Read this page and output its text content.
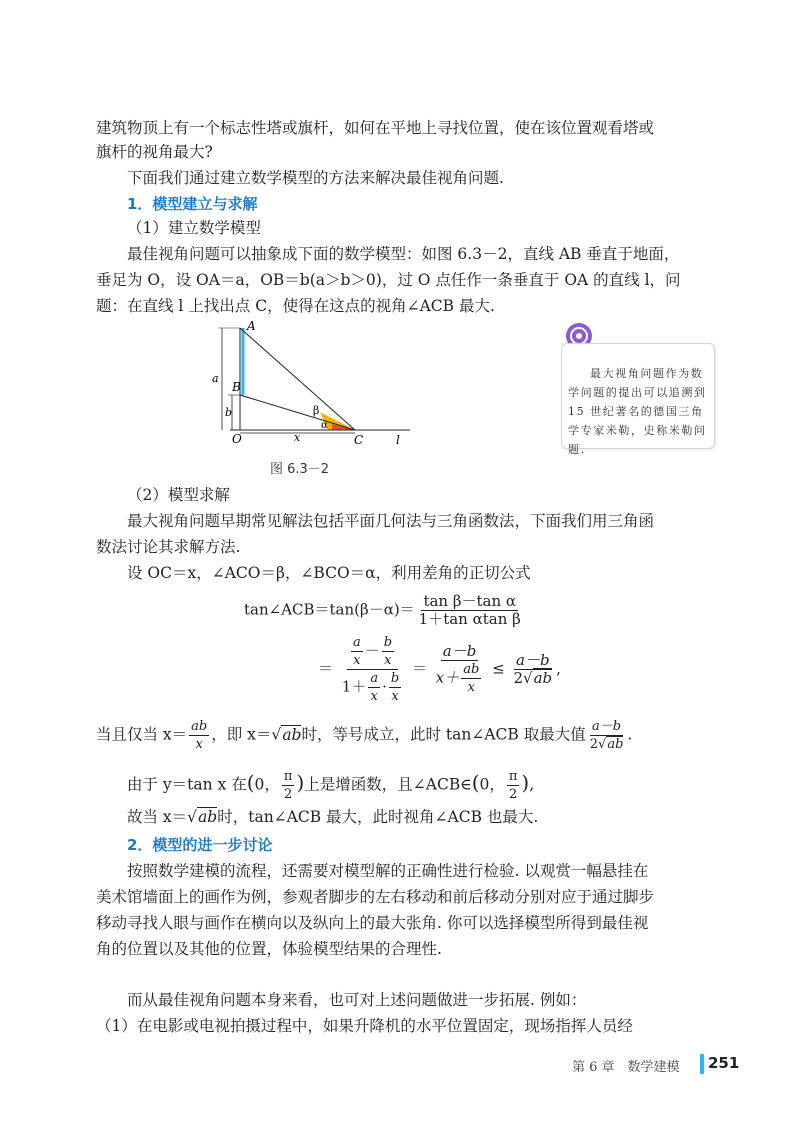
建筑物顶上有一个标志性塔或旗杆，如何在平地上寻找位置，使在该位置观看塔或

旗杆的视角最大?

下面我们通过建立数学模型的方法来解决最佳视角问题.

1．模型建立与求解

（1）建立数学模型

最佳视角问题可以抽象成下面的数学模型：如图 6.3－2，直线 AB 垂直于地面，

垂足为 O，设 OA＝a，OB＝b(a＞b＞0)，过 O 点任作一条垂直于 OA 的直线 l，问

题：在直线 l 上找出点 C，使得在这点的视角∠ACB 最大.

A
B
O	C	l
a
b
x
β
α
图 6.3－2
最大视角问题作为数学问题的提出可以追溯到 15 世纪著名的德国三角学专家米勒，史称米勒问题.

（2）模型求解

最大视角问题早期常见解法包括平面几何法与三角函数法，下面我们用三角函

数法讨论其求解方法.

设 OC＝x，∠ACO＝β，∠BCO＝α，利用差角的正切公式

tan∠ACB＝tan(β－α)＝ $\frac{\text{tan β－tan α}}{\text{1＋tan αtan β}}$
＝ $\frac{\frac{a}{x} - \frac{b}{x}}{1+ \frac{a}{x} \cdot \frac{b}{x}} = \frac{a-b}{x+ \frac{ab}{x}} \le \frac{a-b}{2√ab}$ ,
当且仅当 $x= \frac{ab}{x}$ ，即 x＝√ab时，等号成立，此时 tan∠ACB 取最大值 $\frac{a-b}{2√ab}$ .
由于 y＝tan x 在(0， $\frac{\pi}{2}$ )上是增函数，且∠ACB∈(0， $\frac{\pi}{2}$ ),
故当 x＝√ab时，tan∠ACB 最大，此时视角∠ACB 也最大.

2．模型的进一步讨论

按照数学建模的流程，还需要对模型解的正确性进行检验. 以观赏一幅悬挂在

美术馆墙面上的画作为例，参观者脚步的左右移动和前后移动分别对应于通过脚步

移动寻找人眼与画作在横向以及纵向上的最大张角. 你可以选择模型所得到最佳视

角的位置以及其他的位置，体验模型结果的合理性.

而从最佳视角问题本身来看，也可对上述问题做进一步拓展. 例如：

（1）在电影或电视拍摄过程中，如果升降机的水平位置固定，现场指挥人员经

第 6 章　数学建模 251
